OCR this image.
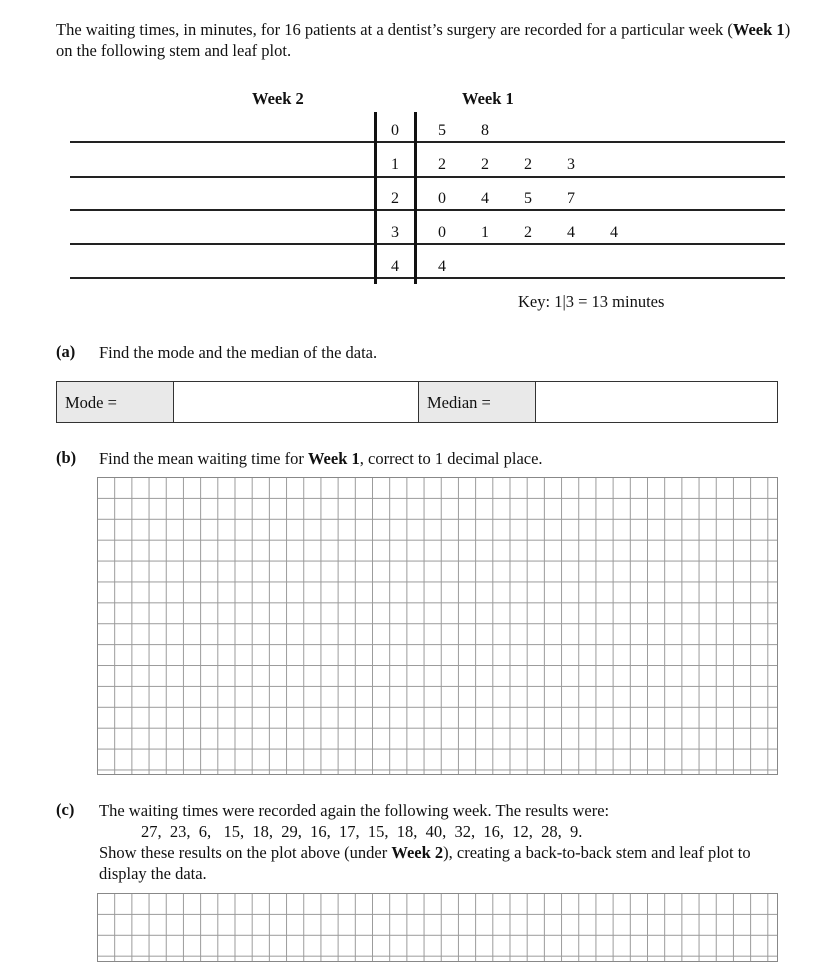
The waiting times, in minutes, for 16 patients at a dentist’s surgery are recorded for a particular week (Week 1) on the following stem and leaf plot.
Week 2	Week 1
0	5	8
1	2	2	2	3
2	0	4	5	7
3	0	1	2	4	4
4	4
Key: 1|3 = 13 minutes
(a) Find the mode and the median of the data.
Mode =	Median =
(b) Find the mean waiting time for Week 1, correct to 1 decimal place.
(c) The waiting times were recorded again the following week. The results were:
27,  23,  6,   15,  18,  29,  16,  17,  15,  18,  40,  32,  16,  12,  28,  9.
Show these results on the plot above (under Week 2), creating a back-to-back stem and leaf plot to display the data.
